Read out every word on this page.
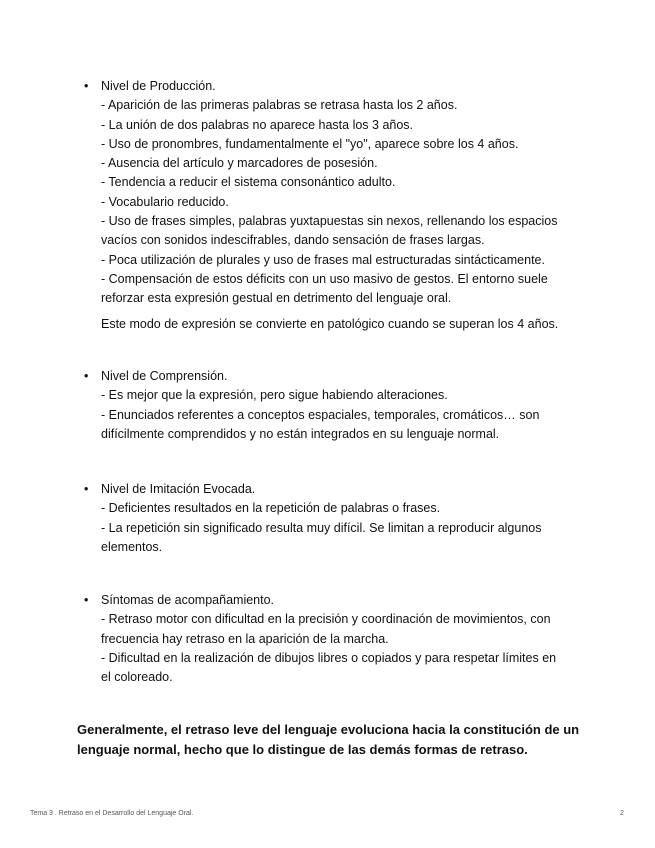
• Nivel de Producción.
- Aparición de las primeras palabras se retrasa hasta los 2 años.
- La unión de dos palabras no aparece hasta los 3 años.
- Uso de pronombres, fundamentalmente el "yo", aparece sobre los 4 años.
- Ausencia del artículo y marcadores de posesión.
- Tendencia a reducir el sistema consonántico adulto.
- Vocabulario reducido.
- Uso de frases simples, palabras yuxtapuestas sin nexos, rellenando los espacios
vacíos con sonidos indescifrables, dando sensación de frases largas.
- Poca utilización de plurales y uso de frases mal estructuradas sintácticamente.
- Compensación de estos déficits con un uso masivo de gestos. El entorno suele
reforzar esta expresión gestual en detrimento del lenguaje oral.
Este modo de expresión se convierte en patológico cuando se superan los 4 años.
• Nivel de Comprensión.
- Es mejor que la expresión, pero sigue habiendo alteraciones.
- Enunciados referentes a conceptos espaciales, temporales, cromáticos… son
difícilmente comprendidos y no están integrados en su lenguaje normal.
• Nivel de Imitación Evocada.
- Deficientes resultados en la repetición de palabras o frases.
- La repetición sin significado resulta muy difícil. Se limitan a reproducir algunos
elementos.
• Síntomas de acompañamiento.
- Retraso motor con dificultad en la precisión y coordinación de movimientos, con
frecuencia hay retraso en la aparición de la marcha.
- Dificultad en la realización de dibujos libres o copiados y para respetar límites en
el coloreado.
Generalmente, el retraso leve del lenguaje evoluciona hacia la constitución de un lenguaje normal, hecho que lo distingue de las demás formas de retraso.
Tema 3 . Retraso en el Desarrollo del Lenguaje Oral.	2
